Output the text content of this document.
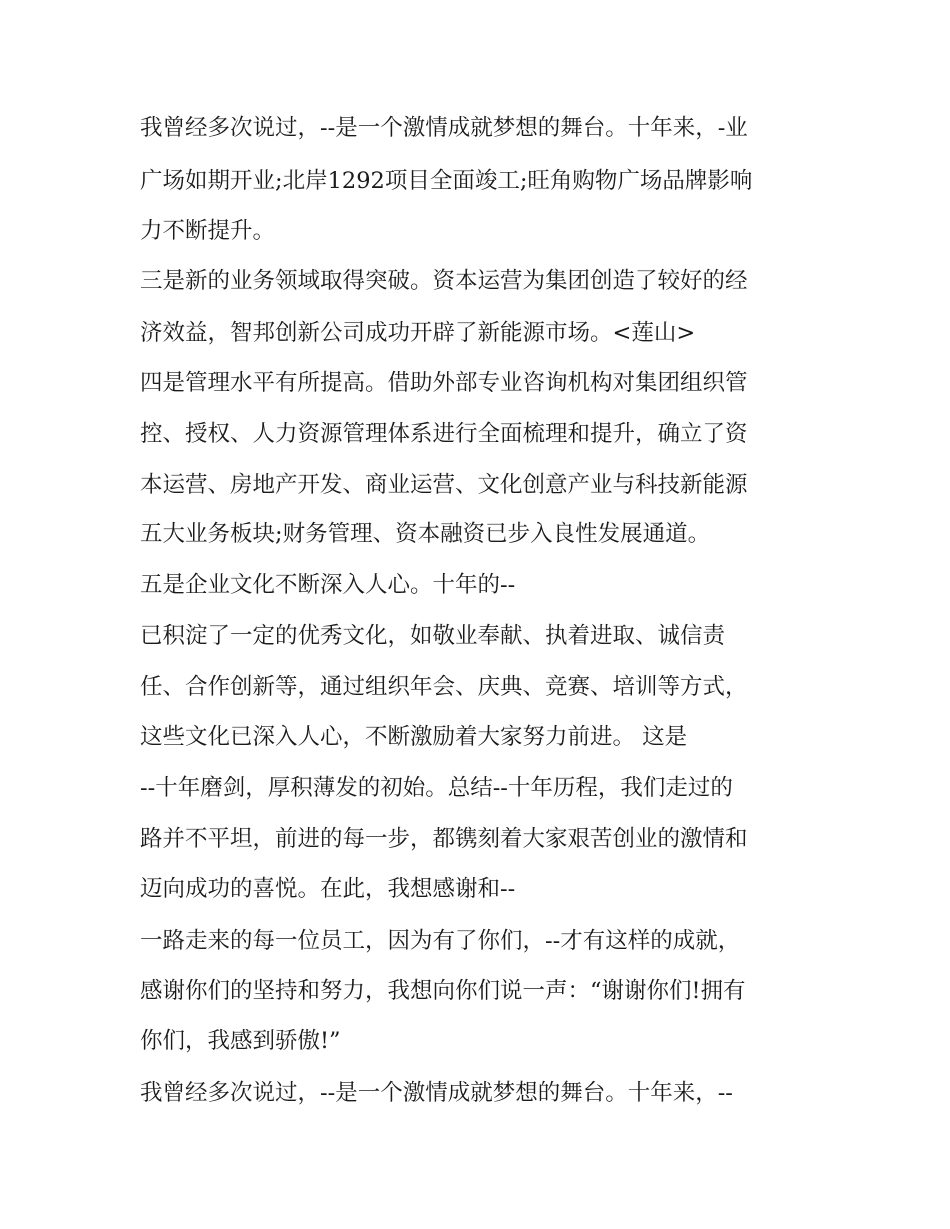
我曾经多次说过，--是一个激情成就梦想的舞台。十年来，-业
广场如期开业;北岸1292项目全面竣工;旺角购物广场品牌影响
力不断提升。
三是新的业务领域取得突破。资本运营为集团创造了较好的经
济效益，智邦创新公司成功开辟了新能源市场。<莲山>
四是管理水平有所提高。借助外部专业咨询机构对集团组织管
控、授权、人力资源管理体系进行全面梳理和提升，确立了资
本运营、房地产开发、商业运营、文化创意产业与科技新能源
五大业务板块;财务管理、资本融资已步入良性发展通道。
五是企业文化不断深入人心。十年的--
已积淀了一定的优秀文化，如敬业奉献、执着进取、诚信责
任、合作创新等，通过组织年会、庆典、竞赛、培训等方式，
这些文化已深入人心，不断激励着大家努力前进。 这是
--十年磨剑，厚积薄发的初始。总结--十年历程，我们走过的
路并不平坦，前进的每一步，都镌刻着大家艰苦创业的激情和
迈向成功的喜悦。在此，我想感谢和--
一路走来的每一位员工，因为有了你们，--才有这样的成就，
感谢你们的坚持和努力，我想向你们说一声：“谢谢你们!拥有
你们，我感到骄傲!”
我曾经多次说过，--是一个激情成就梦想的舞台。十年来，--
